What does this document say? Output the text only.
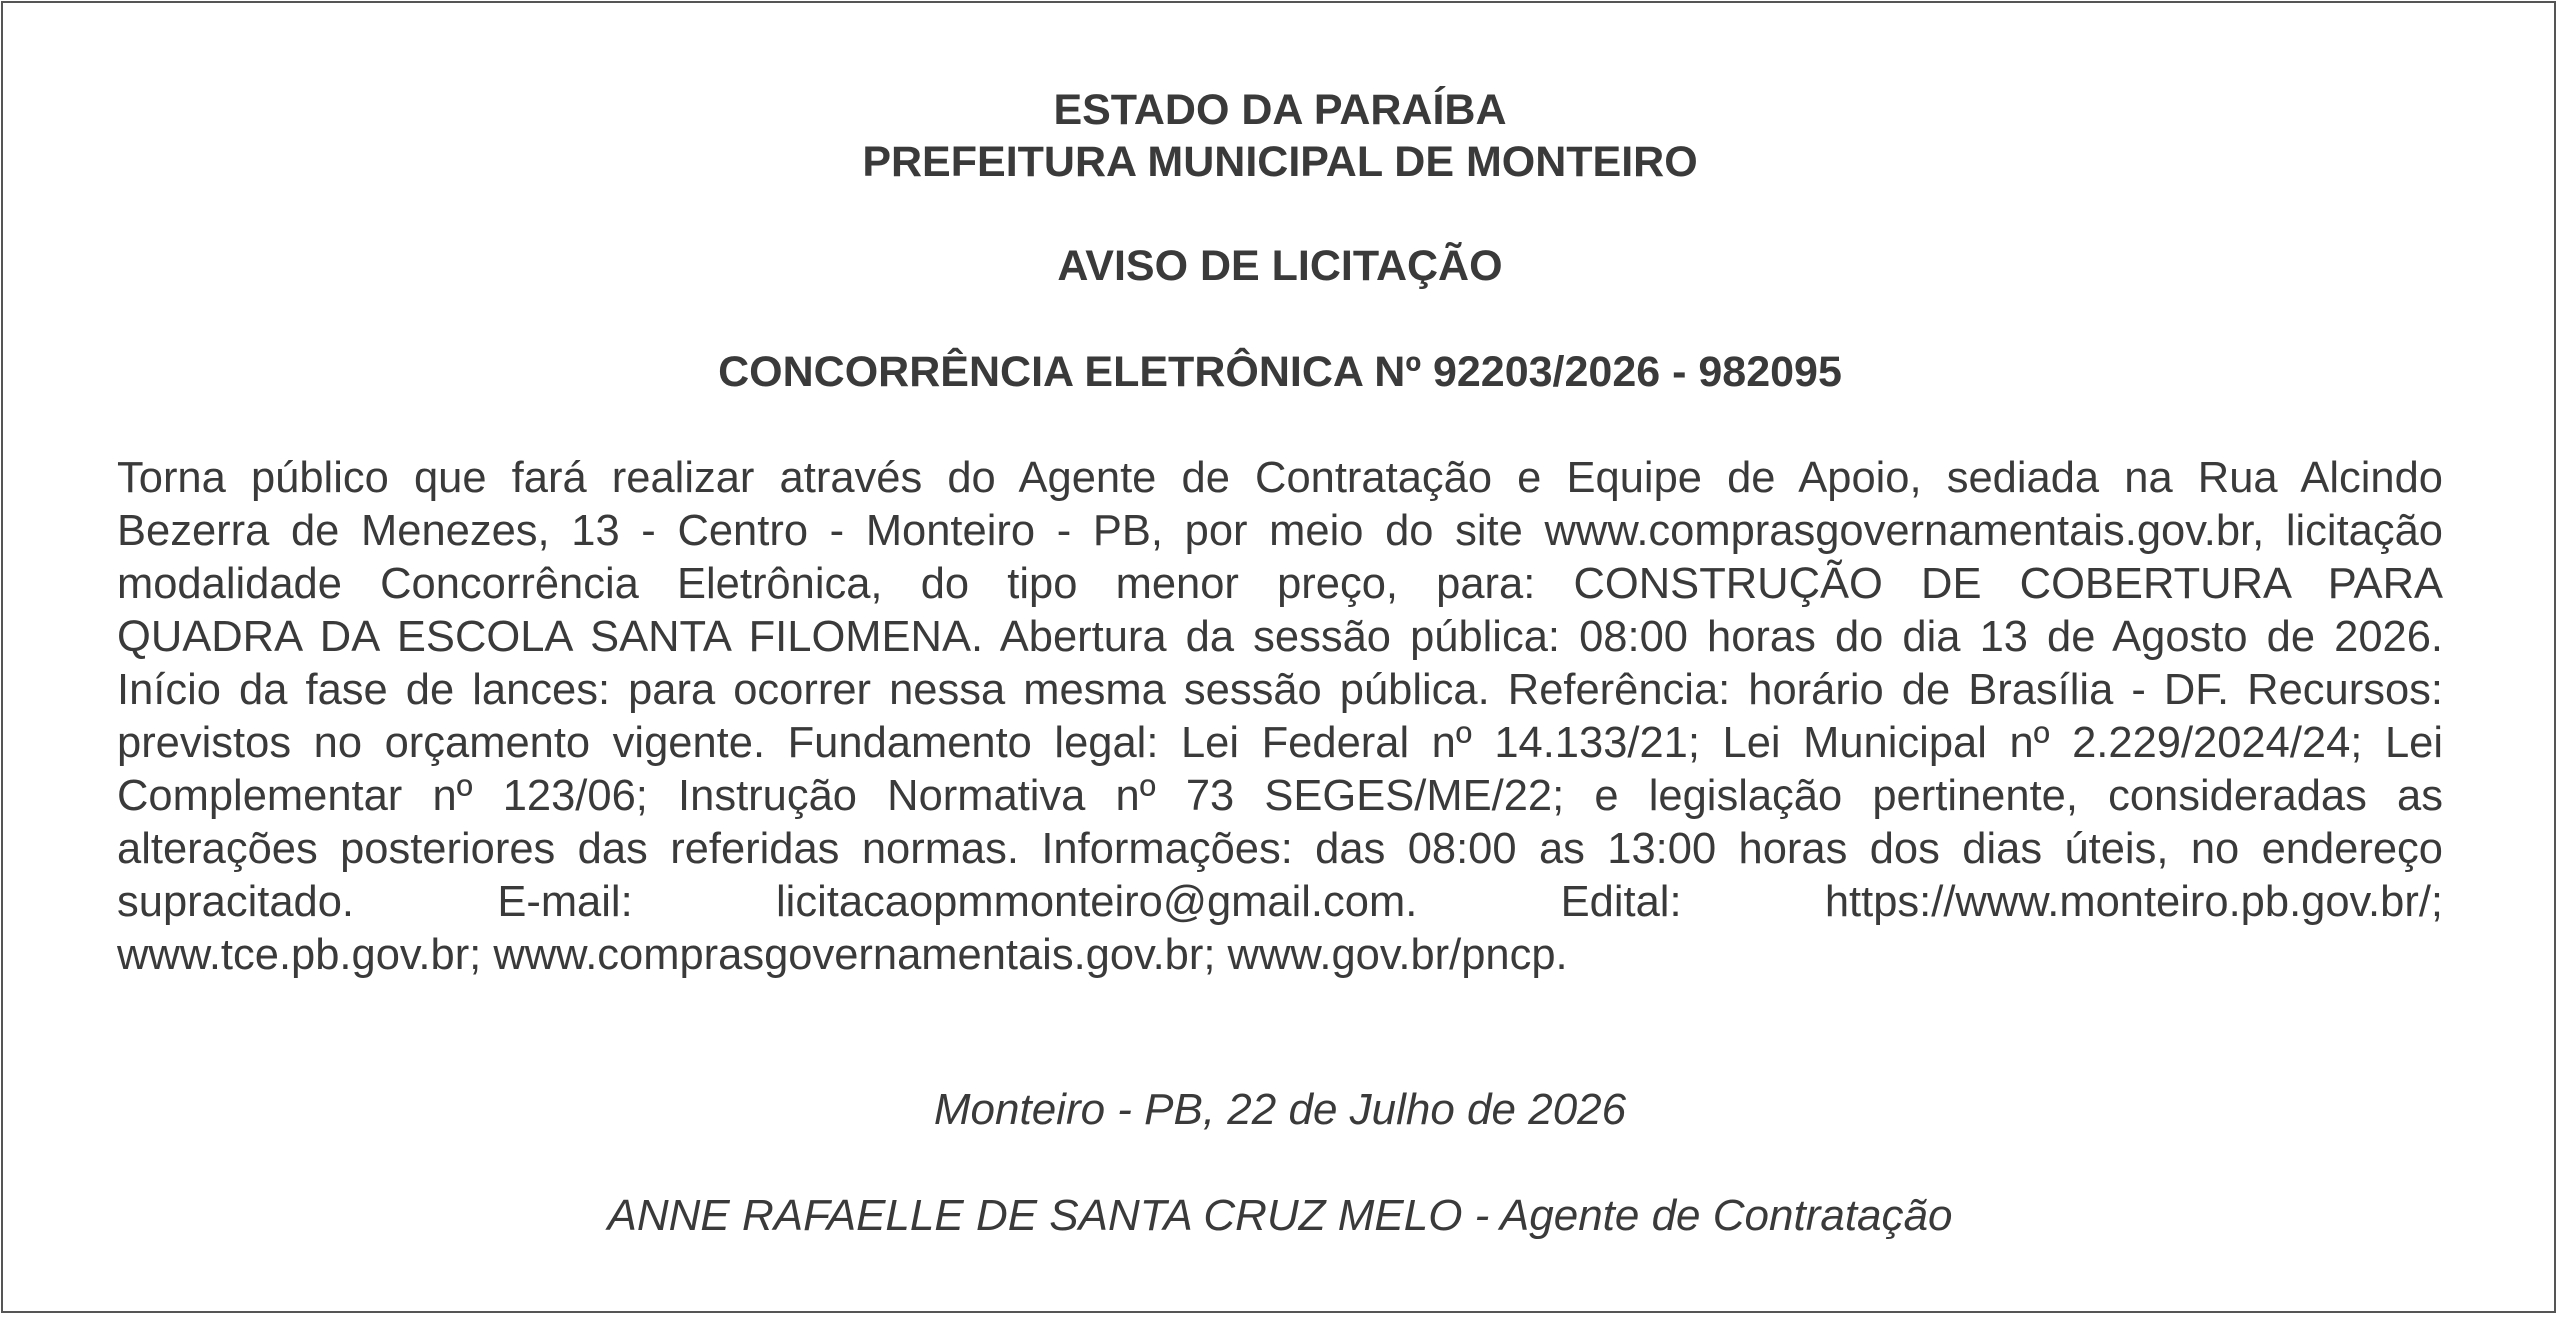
ESTADO DA PARAÍBA
PREFEITURA MUNICIPAL DE MONTEIRO
AVISO DE LICITAÇÃO
CONCORRÊNCIA ELETRÔNICA Nº 92203/2026 - 982095
Torna público que fará realizar através do Agente de Contratação e Equipe de Apoio, sediada na Rua Alcindo
Bezerra de Menezes, 13 - Centro - Monteiro - PB, por meio do site www.comprasgovernamentais.gov.br, licitação
modalidade Concorrência Eletrônica, do tipo menor preço, para: CONSTRUÇÃO DE COBERTURA PARA
QUADRA DA ESCOLA SANTA FILOMENA. Abertura da sessão pública: 08:00 horas do dia 13 de Agosto de 2026.
Início da fase de lances: para ocorrer nessa mesma sessão pública. Referência: horário de Brasília - DF. Recursos:
previstos no orçamento vigente. Fundamento legal: Lei Federal nº 14.133/21; Lei Municipal nº 2.229/2024/24; Lei
Complementar nº 123/06; Instrução Normativa nº 73 SEGES/ME/22; e legislação pertinente, consideradas as
alterações posteriores das referidas normas. Informações: das 08:00 as 13:00 horas dos dias úteis, no endereço
supracitado. E-mail: licitacaopmmonteiro@gmail.com. Edital: https://www.monteiro.pb.gov.br/;
www.tce.pb.gov.br; www.comprasgovernamentais.gov.br; www.gov.br/pncp.
Monteiro - PB, 22 de Julho de 2026
ANNE RAFAELLE DE SANTA CRUZ MELO - Agente de Contratação
